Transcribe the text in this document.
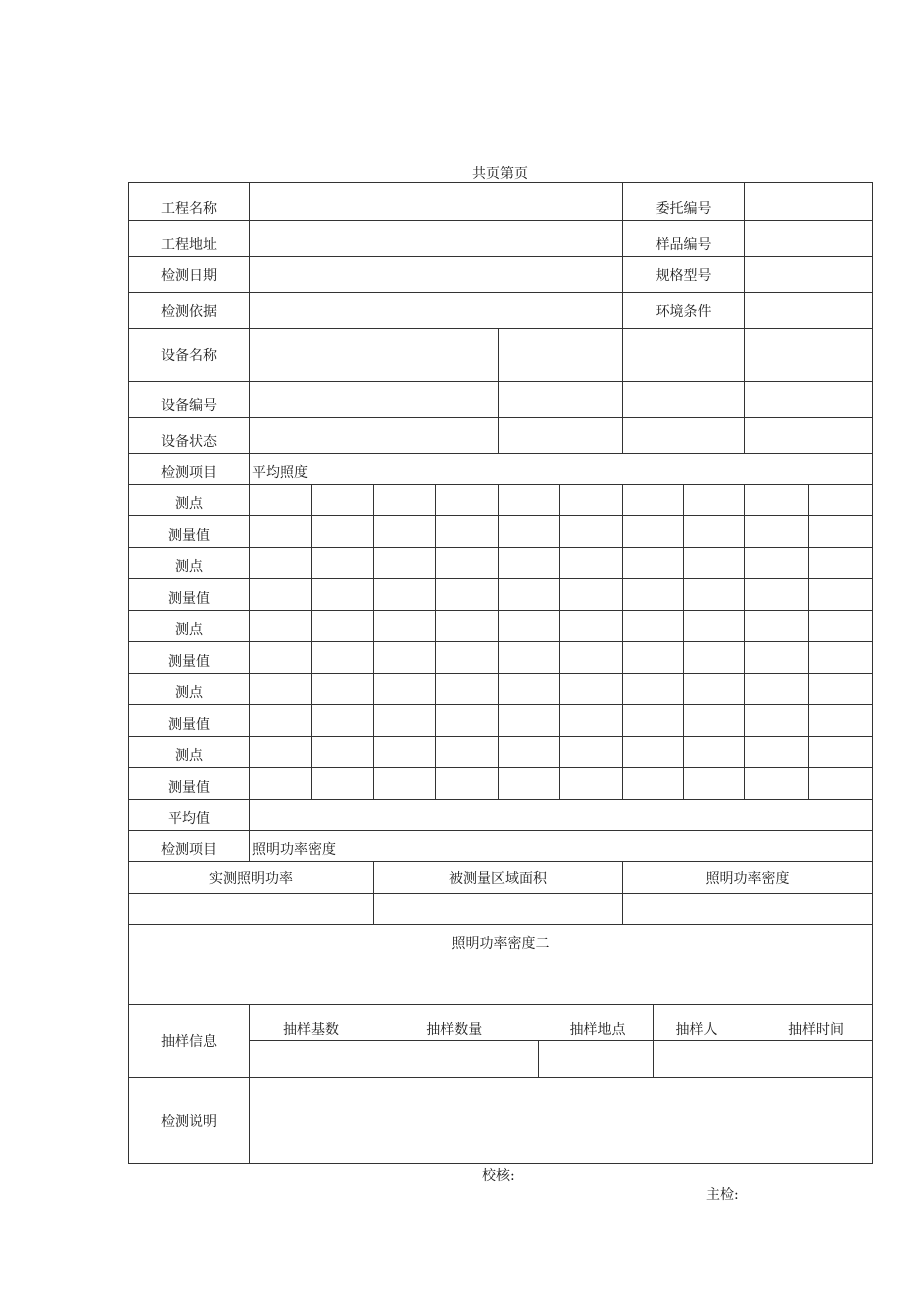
共页第页
工程名称		委托编号	
工程地址		样品编号	
检测日期		规格型号	
检测依据		环境条件	
设备名称				
设备编号				
设备状态				
检测项目	平均照度
测点										
测量值										
测点										
测量值										
测点										
测量值										
测点										
测量值										
测点										
测量值										
平均值	
检测项目	照明功率密度
实测照明功率	被测量区域面积	照明功率密度

照明功率密度二
抽样信息	
抽样基数	抽样数量	抽样地点	抽样人	抽样时间

检测说明	
校核:
主检:
